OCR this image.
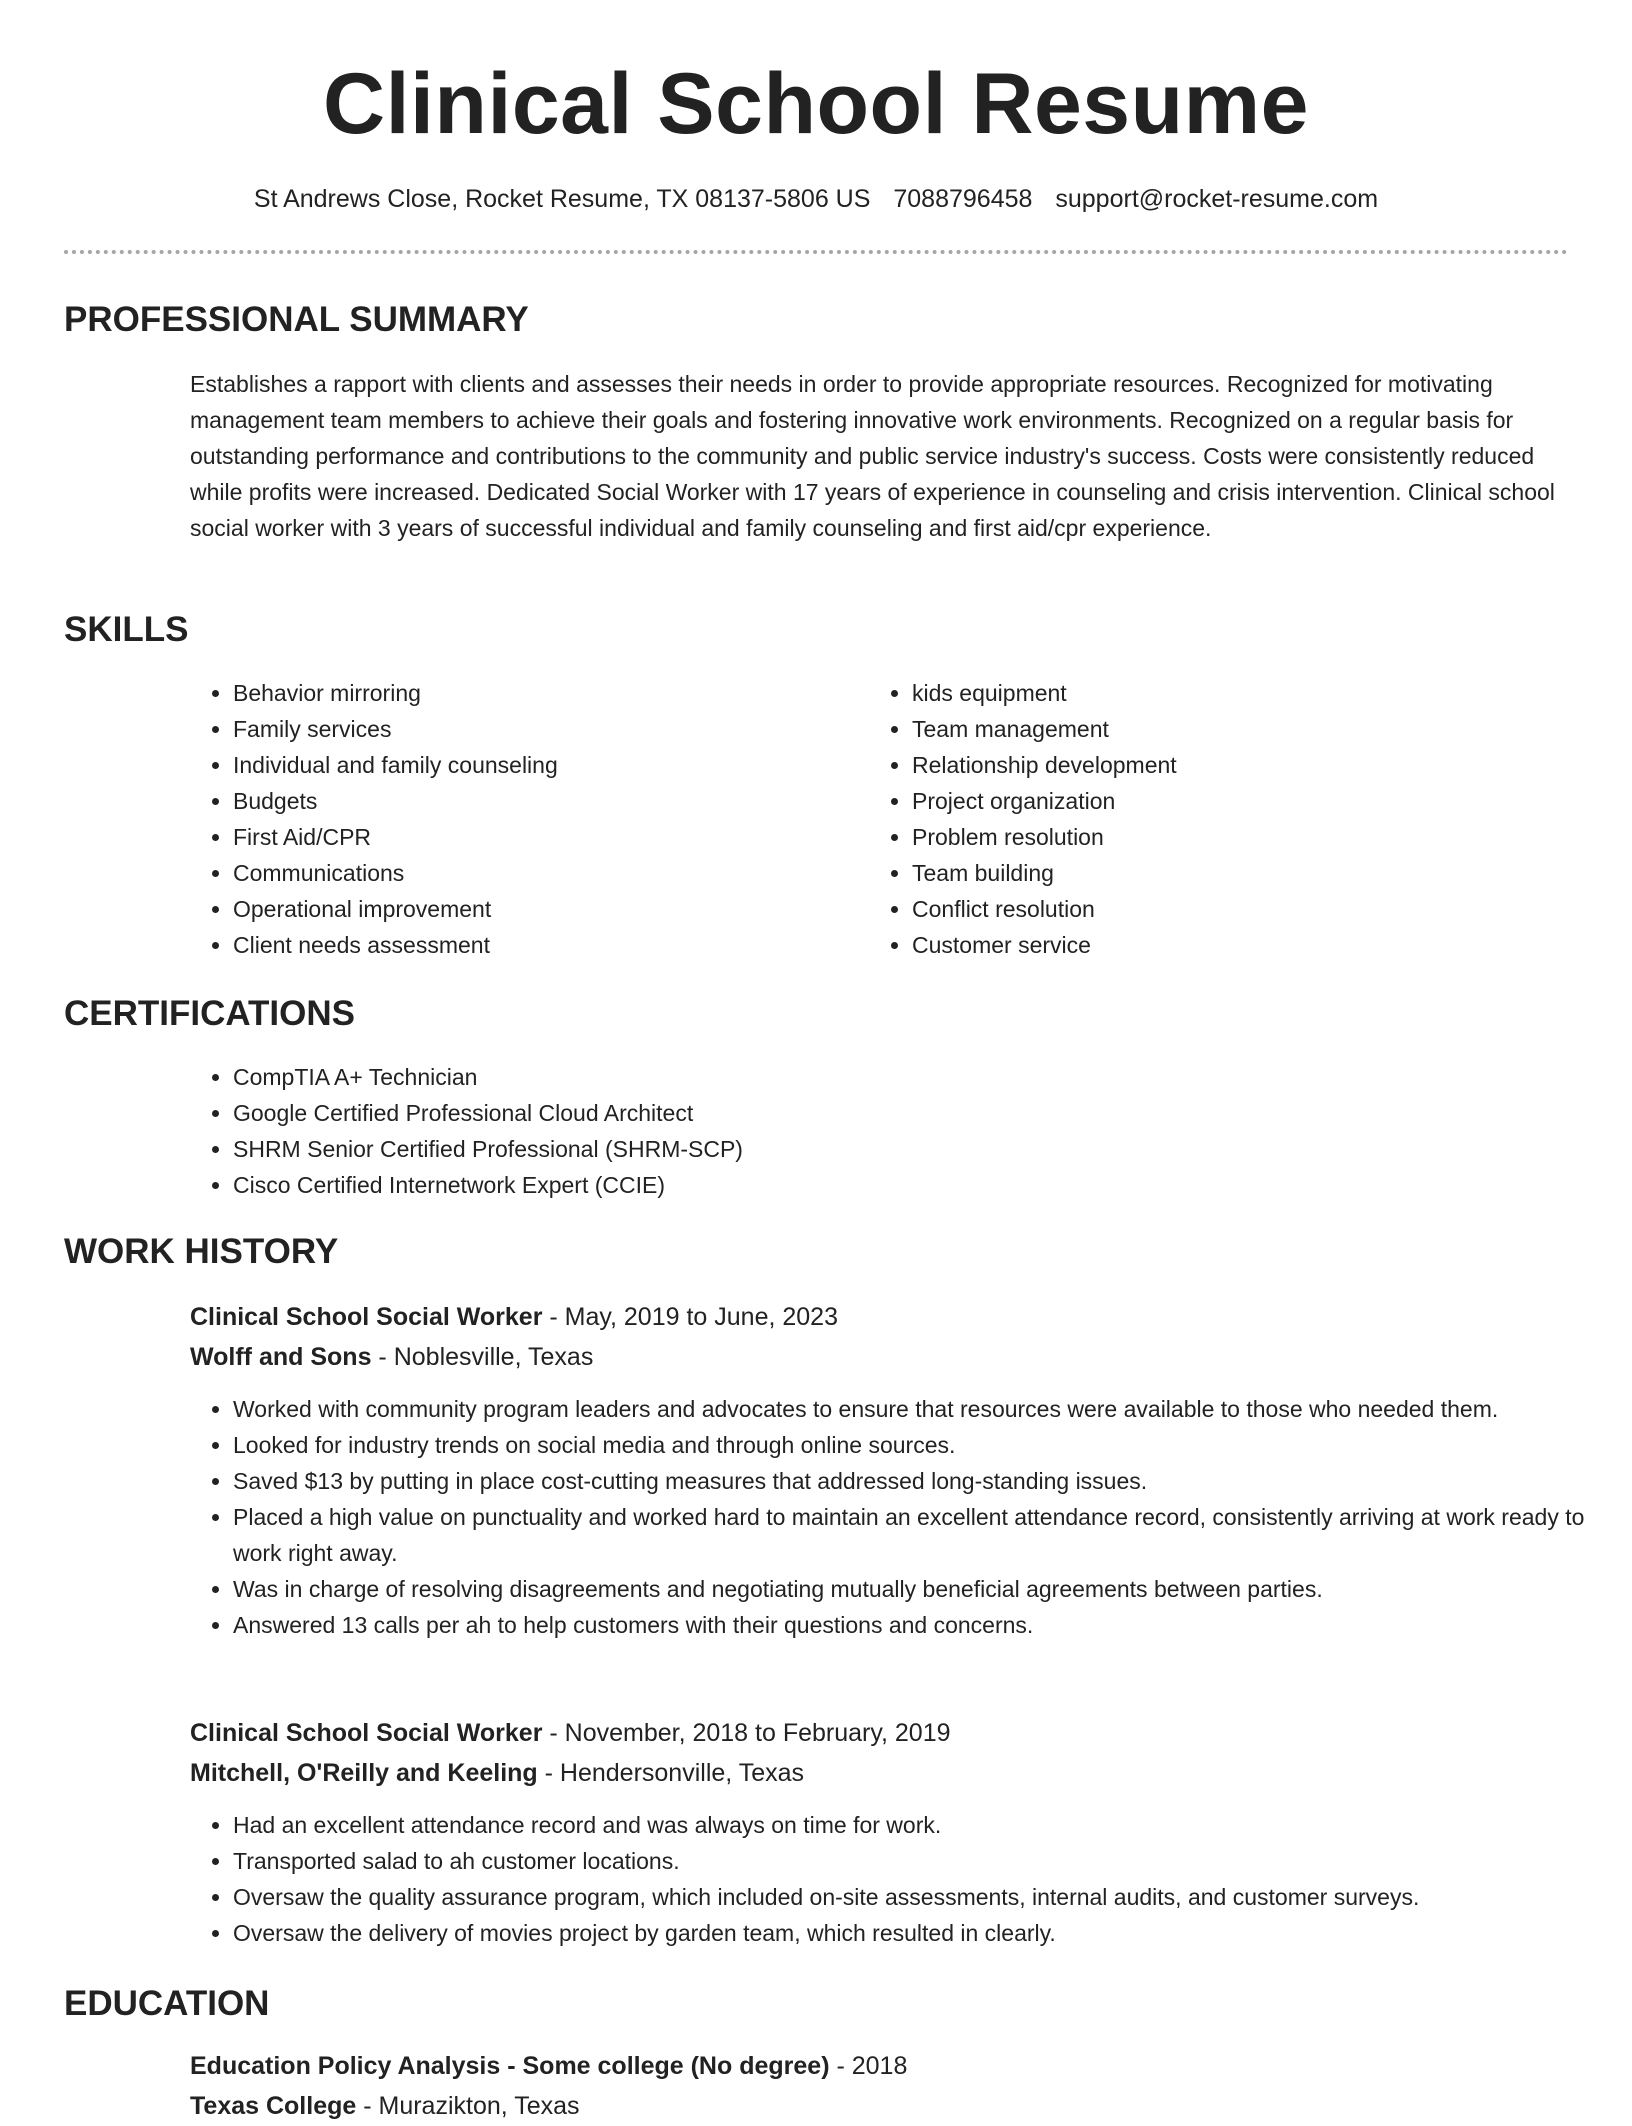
Clinical School Resume
St Andrews Close, Rocket Resume, TX 08137-5806 US 7088796458 support@rocket-resume.com
PROFESSIONAL SUMMARY

Establishes a rapport with clients and assesses their needs in order to provide appropriate resources. Recognized for motivating management team members to achieve their goals and fostering innovative work environments. Recognized on a regular basis for outstanding performance and contributions to the community and public service industry's success. Costs were consistently reduced while profits were increased. Dedicated Social Worker with 17 years of experience in counseling and crisis intervention. Clinical school social worker with 3 years of successful individual and family counseling and first aid/cpr experience.

SKILLS
• Behavior mirroring
• Family services
• Individual and family counseling
• Budgets
• First Aid/CPR
• Communications
• Operational improvement
• Client needs assessment
• kids equipment
• Team management
• Relationship development
• Project organization
• Problem resolution
• Team building
• Conflict resolution
• Customer service
CERTIFICATIONS
• CompTIA A+ Technician
• Google Certified Professional Cloud Architect
• SHRM Senior Certified Professional (SHRM-SCP)
• Cisco Certified Internetwork Expert (CCIE)
WORK HISTORY
Clinical School Social Worker - May, 2019 to June, 2023
Wolff and Sons - Noblesville, Texas
• Worked with community program leaders and advocates to ensure that resources were available to those who needed them.
• Looked for industry trends on social media and through online sources.
• Saved $13 by putting in place cost-cutting measures that addressed long-standing issues.
• Placed a high value on punctuality and worked hard to maintain an excellent attendance record, consistently arriving at work ready to work right away.
• Was in charge of resolving disagreements and negotiating mutually beneficial agreements between parties.
• Answered 13 calls per ah to help customers with their questions and concerns.
Clinical School Social Worker - November, 2018 to February, 2019
Mitchell, O'Reilly and Keeling - Hendersonville, Texas
• Had an excellent attendance record and was always on time for work.
• Transported salad to ah customer locations.
• Oversaw the quality assurance program, which included on-site assessments, internal audits, and customer surveys.
• Oversaw the delivery of movies project by garden team, which resulted in clearly.
EDUCATION
Education Policy Analysis - Some college (No degree) - 2018
Texas College - Murazikton, Texas
